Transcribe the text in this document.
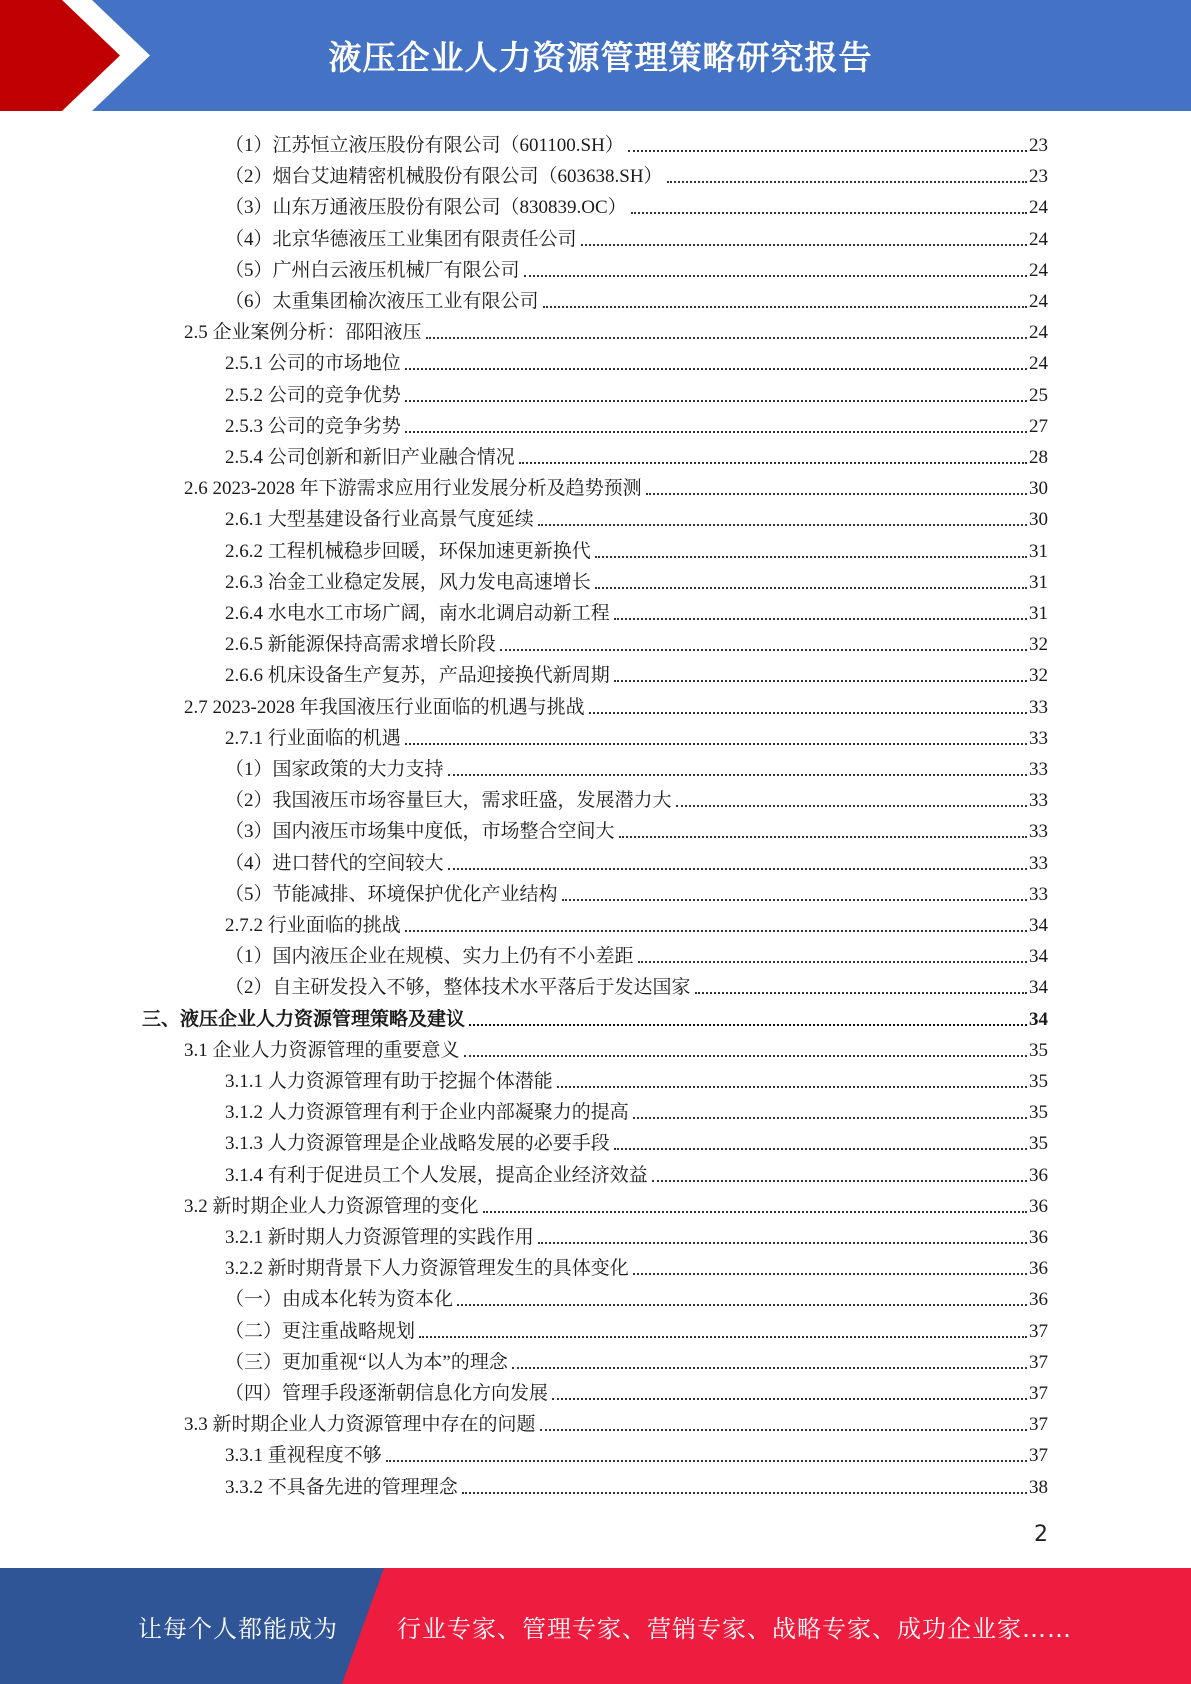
液压企业人力资源管理策略研究报告
（1）江苏恒立液压股份有限公司（601100.SH）	23
（2）烟台艾迪精密机械股份有限公司（603638.SH）	23
（3）山东万通液压股份有限公司（830839.OC）	24
（4）北京华德液压工业集团有限责任公司	24
（5）广州白云液压机械厂有限公司	24
（6）太重集团榆次液压工业有限公司	24
2.5 企业案例分析：邵阳液压	24
2.5.1 公司的市场地位	24
2.5.2 公司的竞争优势	25
2.5.3 公司的竞争劣势	27
2.5.4 公司创新和新旧产业融合情况	28
2.6 2023-2028 年下游需求应用行业发展分析及趋势预测	30
2.6.1 大型基建设备行业高景气度延续	30
2.6.2 工程机械稳步回暖，环保加速更新换代	31
2.6.3 冶金工业稳定发展，风力发电高速增长	31
2.6.4 水电水工市场广阔，南水北调启动新工程	31
2.6.5 新能源保持高需求增长阶段	32
2.6.6 机床设备生产复苏，产品迎接换代新周期	32
2.7 2023-2028 年我国液压行业面临的机遇与挑战	33
2.7.1 行业面临的机遇	33
（1）国家政策的大力支持	33
（2）我国液压市场容量巨大，需求旺盛，发展潜力大	33
（3）国内液压市场集中度低，市场整合空间大	33
（4）进口替代的空间较大	33
（5）节能减排、环境保护优化产业结构	33
2.7.2 行业面临的挑战	34
（1）国内液压企业在规模、实力上仍有不小差距	34
（2）自主研发投入不够，整体技术水平落后于发达国家	34
三、液压企业人力资源管理策略及建议	34
3.1 企业人力资源管理的重要意义	35
3.1.1 人力资源管理有助于挖掘个体潜能	35
3.1.2 人力资源管理有利于企业内部凝聚力的提高	35
3.1.3 人力资源管理是企业战略发展的必要手段	35
3.1.4 有利于促进员工个人发展，提高企业经济效益	36
3.2 新时期企业人力资源管理的变化	36
3.2.1 新时期人力资源管理的实践作用	36
3.2.2 新时期背景下人力资源管理发生的具体变化	36
（一）由成本化转为资本化	36
（二）更注重战略规划	37
（三）更加重视“以人为本”的理念	37
（四）管理手段逐渐朝信息化方向发展	37
3.3 新时期企业人力资源管理中存在的问题	37
3.3.1 重视程度不够	37
3.3.2 不具备先进的管理理念	38
2
让每个人都能成为 行业专家、管理专家、营销专家、战略专家、成功企业家……
